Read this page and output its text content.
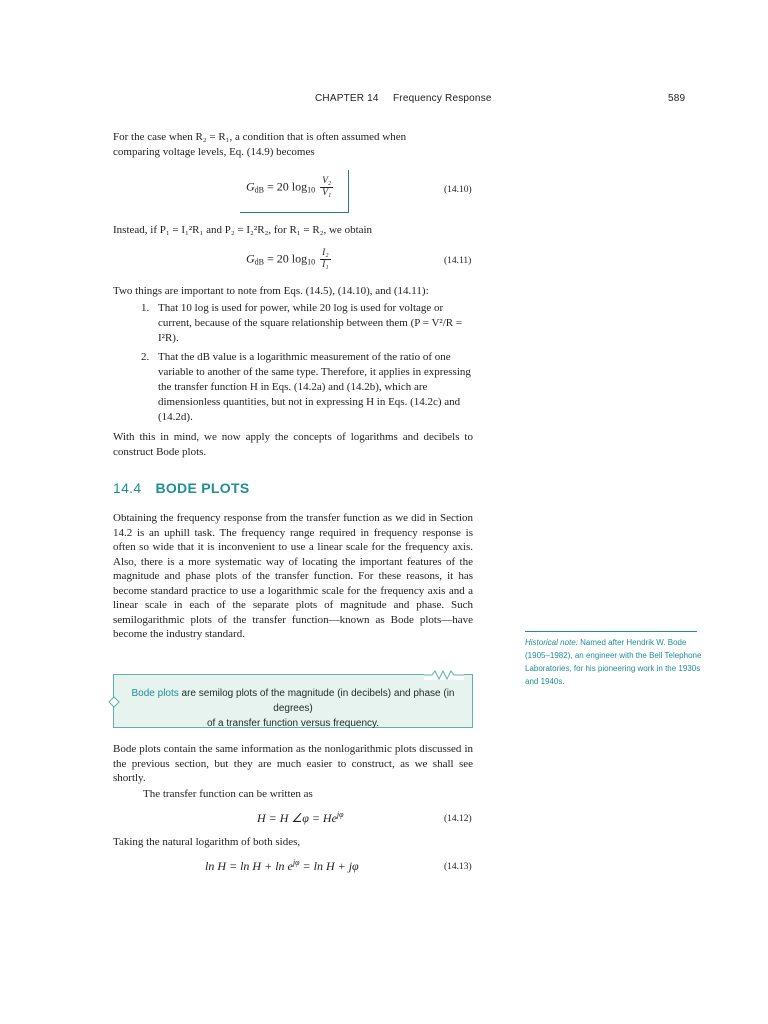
CHAPTER 14 Frequency Response	589

For the case when R₂ = R₁, a condition that is often assumed when

comparing voltage levels, Eq. (14.9) becomes

$G_{dB} = 20$ $\log_{10} \frac{\text{V₂}}{\text{V₁}}$	(14.10)
Instead, if P₁ = I₁²R₁ and P₂ = I₂²R₂, for R₁ = R₂, we obtain
$G_{dB} = 20$ $\log_{10} \frac{\text{I₂}}{\text{I₁}}$	(14.11)
Two things are important to note from Eqs. (14.5), (14.10), and (14.11):
1. That 10 log is used for power, while 20 log is used for voltage or current, because of the square relationship between them (P = V²/R = I²R).
2. That the dB value is a logarithmic measurement of the ratio of one variable to another of the same type. Therefore, it applies in expressing the transfer function H in Eqs. (14.2a) and (14.2b), which are dimensionless quantities, but not in expressing H in Eqs. (14.2c) and (14.2d).
With this in mind, we now apply the concepts of logarithms and decibels to construct Bode plots.
14.4 BODE PLOTS
Obtaining the frequency response from the transfer function as we did in Section 14.2 is an uphill task. The frequency range required in frequency response is often so wide that it is inconvenient to use a linear scale for the frequency axis. Also, there is a more systematic way of locating the important features of the magnitude and phase plots of the transfer function. For these reasons, it has become standard practice to use a logarithmic scale for the frequency axis and a linear scale in each of the separate plots of magnitude and phase. Such semilogarithmic plots of the transfer function—known as Bode plots—have become the industry standard.
Historical note: Named after Hendrik W. Bode (1905–1982), an engineer with the Bell Telephone Laboratories, for his pioneering work in the 1930s and 1940s.
Bode plots are semilog plots of the magnitude (in decibels) and phase (in degrees)
of a transfer function versus frequency.
Bode plots contain the same information as the nonlogarithmic plots discussed in the previous section, but they are much easier to construct, as we shall see shortly.
The transfer function can be written as
H = H ∠φ = $He^{j\varphi}$	(14.12)
Taking the natural logarithm of both sides,
$\ln H = \ln H + \ln e^{j\varphi} = \ln H + j\varphi$	(14.13)
